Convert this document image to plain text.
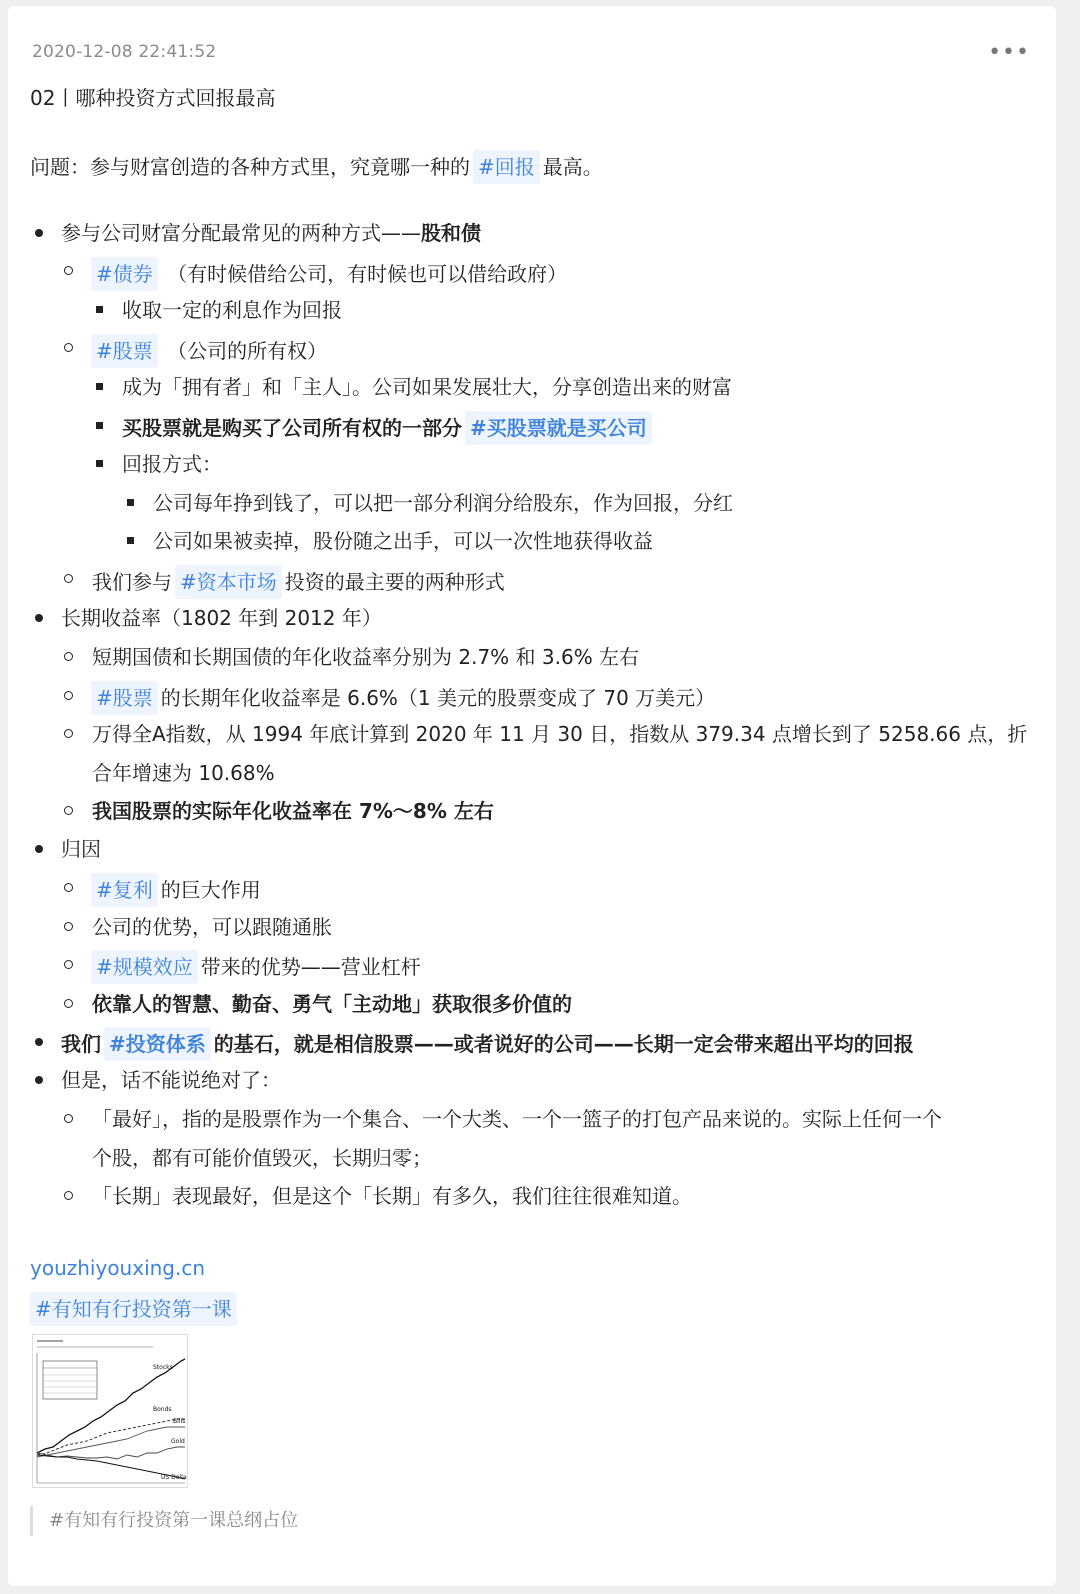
2020-12-08 22:41:52	•••
02丨哪种投资方式回报最高
问题：参与财富创造的各种方式里，究竟哪一种的 #回报 最高。
参与公司财富分配最常见的两种方式——股和债
#债券 （有时候借给公司，有时候也可以借给政府）
收取一定的利息作为回报
#股票 （公司的所有权）
成为「拥有者」和「主人」。公司如果发展壮大，分享创造出来的财富
买股票就是购买了公司所有权的一部分 #买股票就是买公司
回报方式：
公司每年挣到钱了，可以把一部分利润分给股东，作为回报，分红
公司如果被卖掉，股份随之出手，可以一次性地获得收益
我们参与 #资本市场 投资的最主要的两种形式
长期收益率（1802 年到 2012 年）
短期国债和长期国债的年化收益率分别为 2.7% 和 3.6% 左右
#股票 的长期年化收益率是 6.6%（1 美元的股票变成了 70 万美元）
万得全A指数，从 1994 年底计算到 2020 年 11 月 30 日，指数从 379.34 点增长到了 5258.66 点，折
合年增速为 10.68%
我国股票的实际年化收益率在 7%～8% 左右
归因
#复利 的巨大作用
公司的优势，可以跟随通胀
#规模效应 带来的优势——营业杠杆
依靠人的智慧、勤奋、勇气「主动地」获取很多价值的
我们 #投资体系 的基石，就是相信股票——或者说好的公司——长期一定会带来超出平均的回报
但是，话不能说绝对了：
「最好」，指的是股票作为一个集合、一个大类、一个一篮子的打包产品来说的。实际上任何一个
个股，都有可能价值毁灭，长期归零；
「长期」表现最好，但是这个「长期」有多久，我们往往很难知道。
youzhiyouxing.cn
#有知有行投资第一课
Stocks
Bonds
Bills
Gold
US Dollar
#有知有行投资第一课总纲占位
